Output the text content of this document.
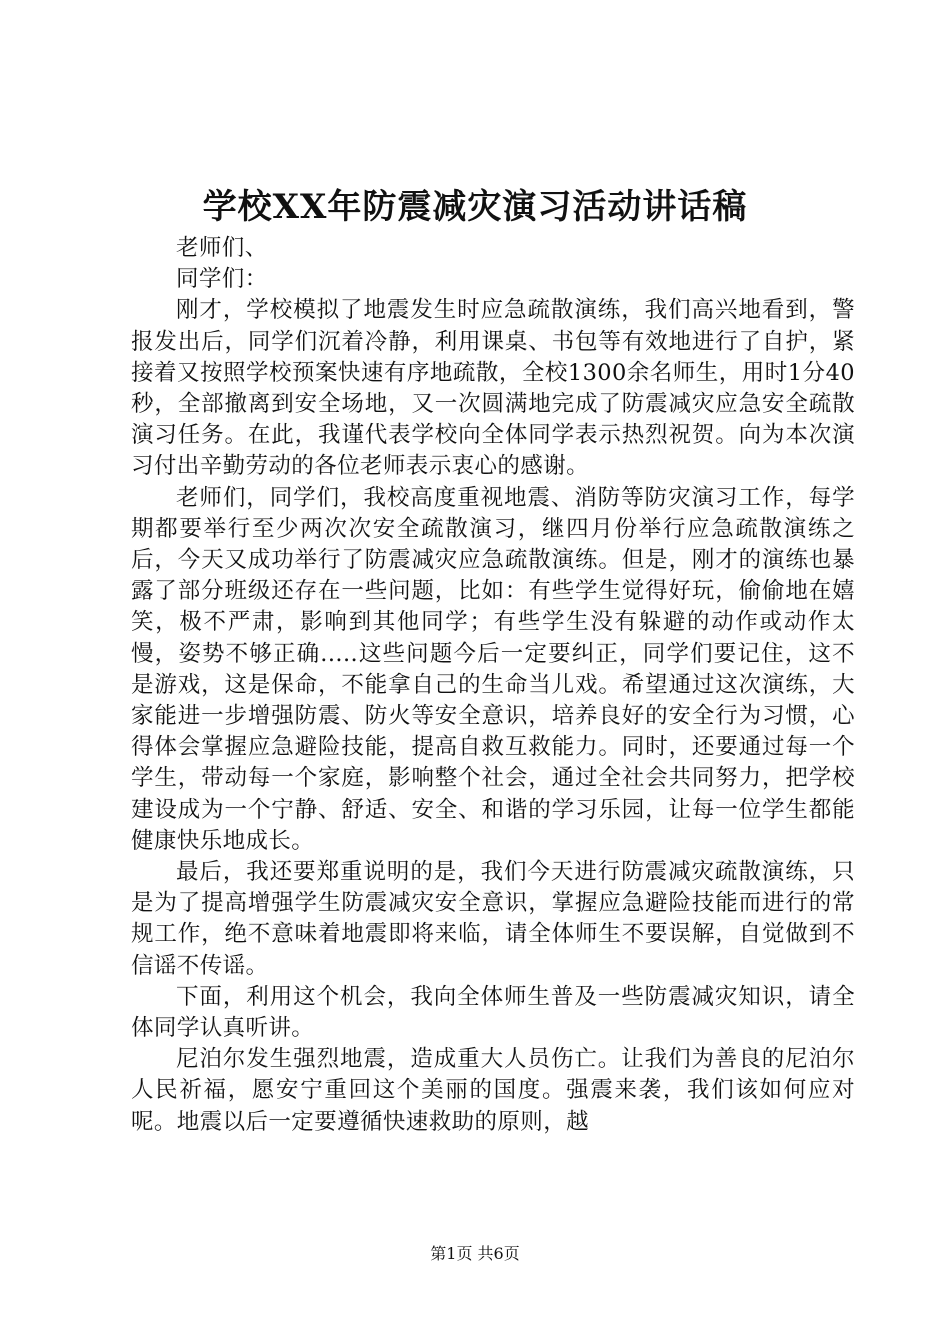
学校XX年防震减灾演习活动讲话稿

老师们、

同学们：

刚才，学校模拟了地震发生时应急疏散演练，我们高兴地看到，警报发出后，同学们沉着冷静，利用课桌、书包等有效地进行了自护，紧接着又按照学校预案快速有序地疏散，全校1300余名师生，用时1分40秒，全部撤离到安全场地，又一次圆满地完成了防震减灾应急安全疏散演习任务。在此，我谨代表学校向全体同学表示热烈祝贺。向为本次演习付出辛勤劳动的各位老师表示衷心的感谢。

老师们，同学们，我校高度重视地震、消防等防灾演习工作，每学期都要举行至少两次次安全疏散演习，继四月份举行应急疏散演练之后，今天又成功举行了防震减灾应急疏散演练。但是，刚才的演练也暴露了部分班级还存在一些问题，比如：有些学生觉得好玩，偷偷地在嬉笑，极不严肃，影响到其他同学；有些学生没有躲避的动作或动作太慢，姿势不够正确.....这些问题今后一定要纠正，同学们要记住，这不是游戏，这是保命，不能拿自己的生命当儿戏。希望通过这次演练，大家能进一步增强防震、防火等安全意识，培养良好的安全行为习惯，心得体会掌握应急避险技能，提高自救互救能力。同时，还要通过每一个学生，带动每一个家庭，影响整个社会，通过全社会共同努力，把学校建设成为一个宁静、舒适、安全、和谐的学习乐园，让每一位学生都能健康快乐地成长。

最后，我还要郑重说明的是，我们今天进行防震减灾疏散演练，只是为了提高增强学生防震减灾安全意识，掌握应急避险技能而进行的常规工作，绝不意味着地震即将来临，请全体师生不要误解，自觉做到不信谣不传谣。

下面，利用这个机会，我向全体师生普及一些防震减灾知识，请全体同学认真听讲。

尼泊尔发生强烈地震，造成重大人员伤亡。让我们为善良的尼泊尔人民祈福，愿安宁重回这个美丽的国度。强震来袭，我们该如何应对呢。地震以后一定要遵循快速救助的原则，越

第1页 共6页
